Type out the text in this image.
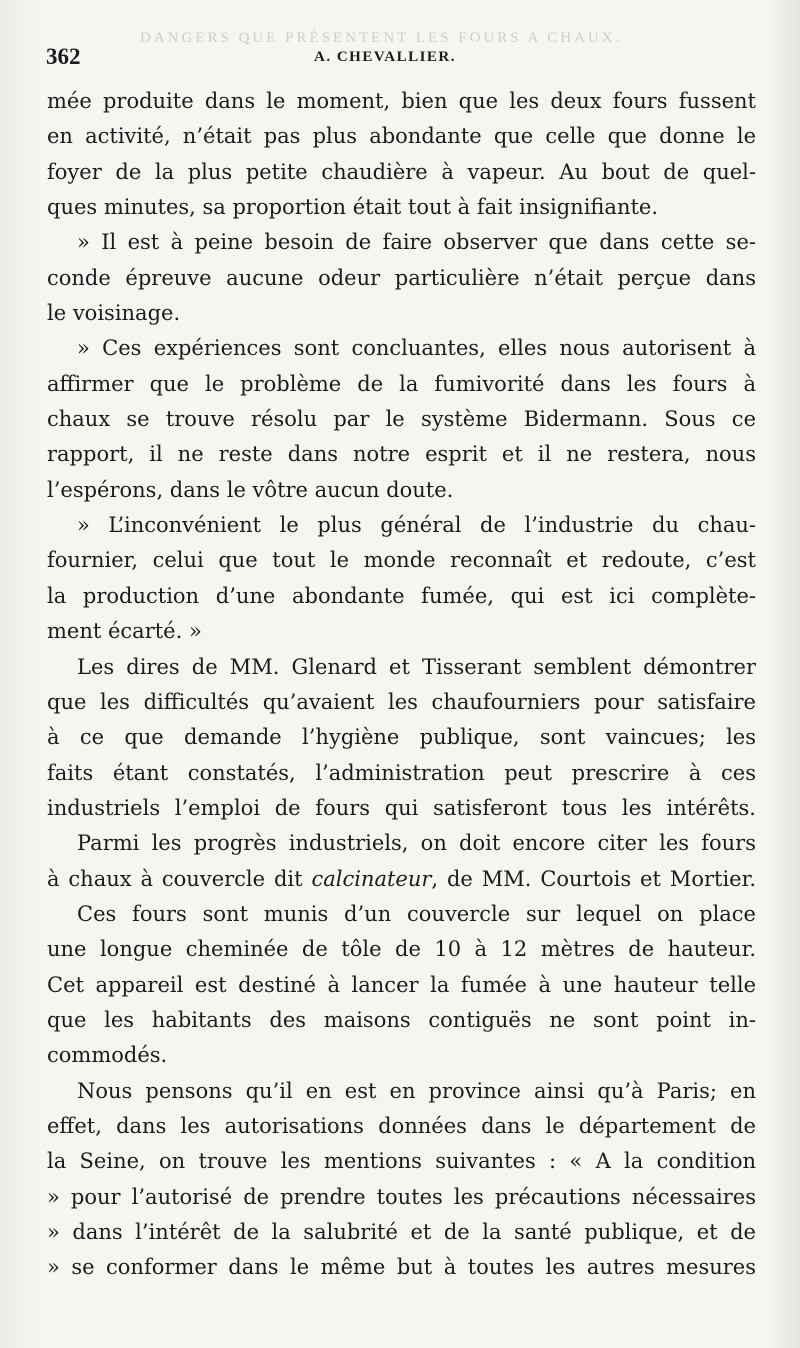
DANGERS QUE PRÉSENTENT LES FOURS A CHAUX.
362	A. CHEVALLIER.
mée produite dans le moment, bien que les deux fours fussent
en activité, n’était pas plus abondante que celle que donne le
foyer de la plus petite chaudière à vapeur. Au bout de quel-
ques minutes, sa proportion était tout à fait insignifiante.
» Il est à peine besoin de faire observer que dans cette se-
conde épreuve aucune odeur particulière n’était perçue dans
le voisinage.
» Ces expériences sont concluantes, elles nous autorisent à
affirmer que le problème de la fumivorité dans les fours à
chaux se trouve résolu par le système Bidermann. Sous ce
rapport, il ne reste dans notre esprit et il ne restera, nous
l’espérons, dans le vôtre aucun doute.
» L’inconvénient le plus général de l’industrie du chau-
fournier, celui que tout le monde reconnaît et redoute, c’est
la production d’une abondante fumée, qui est ici complète-
ment écarté. »
Les dires de MM. Glenard et Tisserant semblent démontrer
que les difficultés qu’avaient les chaufourniers pour satisfaire
à ce que demande l’hygiène publique, sont vaincues; les
faits étant constatés, l’administration peut prescrire à ces
industriels l’emploi de fours qui satisferont tous les intérêts.
Parmi les progrès industriels, on doit encore citer les fours
à chaux à couvercle dit calcinateur, de MM. Courtois et Mortier.
Ces fours sont munis d’un couvercle sur lequel on place
une longue cheminée de tôle de 10 à 12 mètres de hauteur.
Cet appareil est destiné à lancer la fumée à une hauteur telle
que les habitants des maisons contiguës ne sont point in-
commodés.
Nous pensons qu’il en est en province ainsi qu’à Paris; en
effet, dans les autorisations données dans le département de
la Seine, on trouve les mentions suivantes : « A la condition
» pour l’autorisé de prendre toutes les précautions nécessaires
» dans l’intérêt de la salubrité et de la santé publique, et de
» se conformer dans le même but à toutes les autres mesures
